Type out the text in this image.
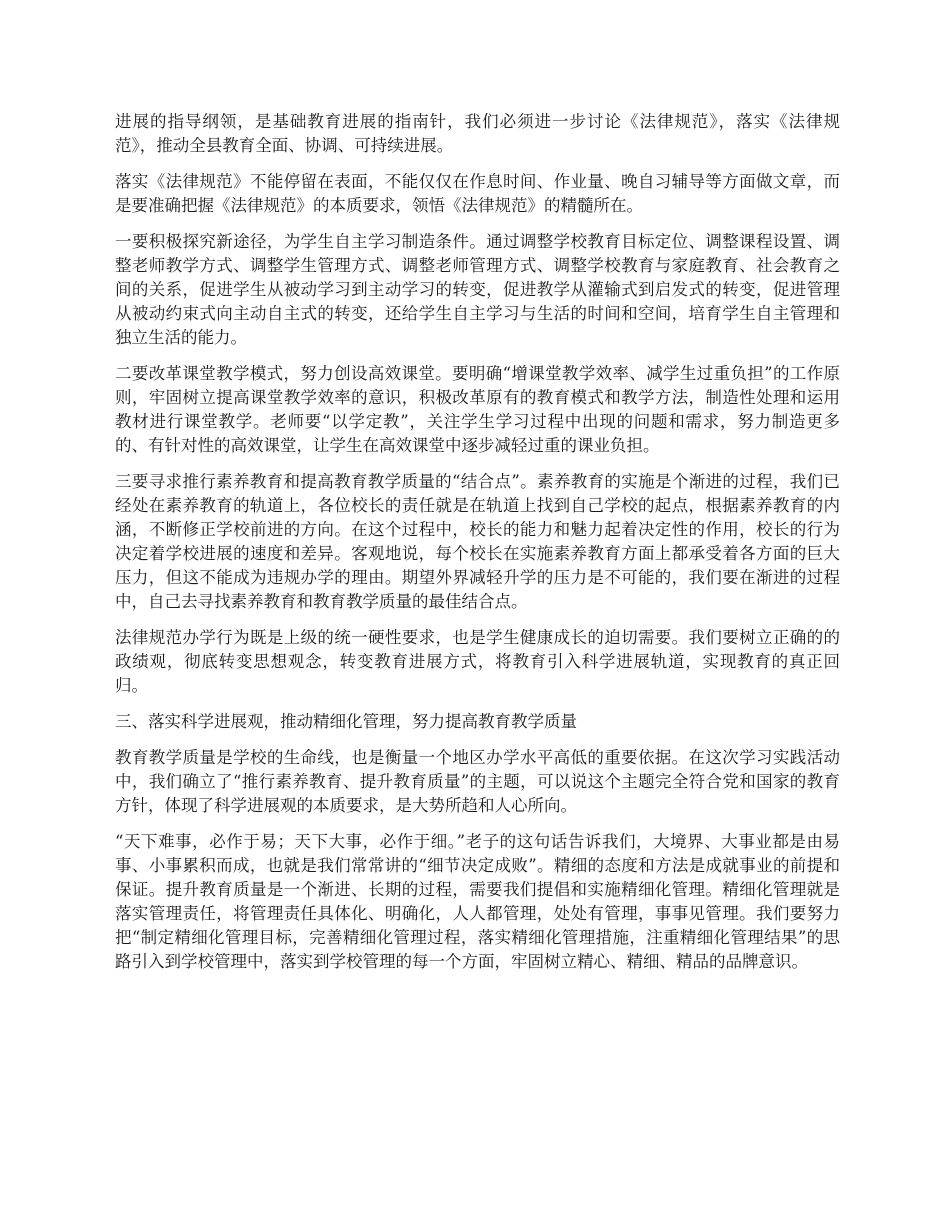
进展的指导纲领，是基础教育进展的指南针，我们必须进一步讨论《法律规范》，落实《法律规范》，推动全县教育全面、协调、可持续进展。

落实《法律规范》不能停留在表面，不能仅仅在作息时间、作业量、晚自习辅导等方面做文章，而是要准确把握《法律规范》的本质要求，领悟《法律规范》的精髓所在。

一要积极探究新途径，为学生自主学习制造条件。通过调整学校教育目标定位、调整课程设置、调整老师教学方式、调整学生管理方式、调整老师管理方式、调整学校教育与家庭教育、社会教育之间的关系，促进学生从被动学习到主动学习的转变，促进教学从灌输式到启发式的转变，促进管理从被动约束式向主动自主式的转变，还给学生自主学习与生活的时间和空间，培育学生自主管理和独立生活的能力。

二要改革课堂教学模式，努力创设高效课堂。要明确“增课堂教学效率、减学生过重负担”的工作原则，牢固树立提高课堂教学效率的意识，积极改革原有的教育模式和教学方法，制造性处理和运用教材进行课堂教学。老师要“以学定教”，关注学生学习过程中出现的问题和需求，努力制造更多的、有针对性的高效课堂，让学生在高效课堂中逐步减轻过重的课业负担。

三要寻求推行素养教育和提高教育教学质量的“结合点”。素养教育的实施是个渐进的过程，我们已经处在素养教育的轨道上，各位校长的责任就是在轨道上找到自己学校的起点，根据素养教育的内涵，不断修正学校前进的方向。在这个过程中，校长的能力和魅力起着决定性的作用，校长的行为决定着学校进展的速度和差异。客观地说，每个校长在实施素养教育方面上都承受着各方面的巨大压力，但这不能成为违规办学的理由。期望外界减轻升学的压力是不可能的，我们要在渐进的过程中，自己去寻找素养教育和教育教学质量的最佳结合点。

法律规范办学行为既是上级的统一硬性要求，也是学生健康成长的迫切需要。我们要树立正确的的政绩观，彻底转变思想观念，转变教育进展方式，将教育引入科学进展轨道，实现教育的真正回归。

三、落实科学进展观，推动精细化管理，努力提高教育教学质量

教育教学质量是学校的生命线，也是衡量一个地区办学水平高低的重要依据。在这次学习实践活动中，我们确立了“推行素养教育、提升教育质量”的主题，可以说这个主题完全符合党和国家的教育方针，体现了科学进展观的本质要求，是大势所趋和人心所向。

“天下难事，必作于易；天下大事，必作于细。”老子的这句话告诉我们，大境界、大事业都是由易事、小事累积而成，也就是我们常常讲的“细节决定成败”。精细的态度和方法是成就事业的前提和保证。提升教育质量是一个渐进、长期的过程，需要我们提倡和实施精细化管理。精细化管理就是落实管理责任，将管理责任具体化、明确化，人人都管理，处处有管理，事事见管理。我们要努力把“制定精细化管理目标，完善精细化管理过程，落实精细化管理措施，注重精细化管理结果”的思路引入到学校管理中，落实到学校管理的每一个方面，牢固树立精心、精细、精品的品牌意识。
